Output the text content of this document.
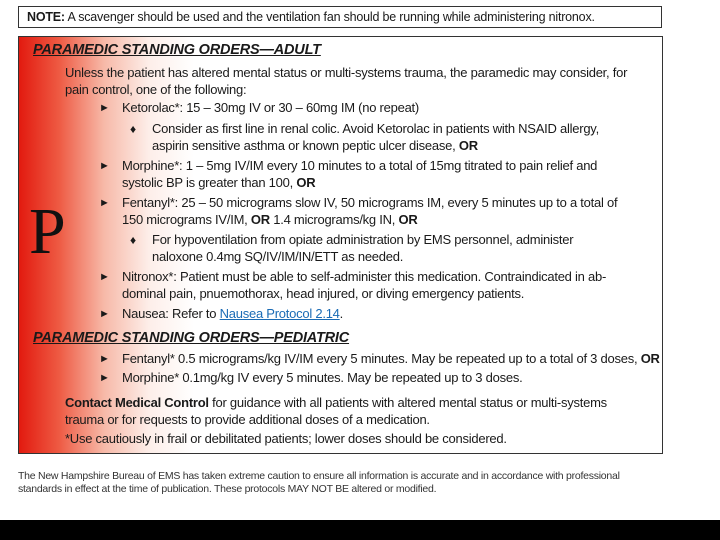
NOTE: A scavenger should be used and the ventilation fan should be running while administering nitronox.
P
PARAMEDIC STANDING ORDERS—ADULT
Unless the patient has altered mental status or multi-systems trauma, the paramedic may consider, for
pain control, one of the following:
► Ketorolac*: 15 – 30mg IV or 30 – 60mg IM (no repeat)
♦ Consider as first line in renal colic. Avoid Ketorolac in patients with NSAID allergy,
aspirin sensitive asthma or known peptic ulcer disease, OR
► Morphine*: 1 – 5mg IV/IM every 10 minutes to a total of 15mg titrated to pain relief and
systolic BP is greater than 100, OR
► Fentanyl*: 25 – 50 micrograms slow IV, 50 micrograms IM, every 5 minutes up to a total of
150 micrograms IV/IM, OR 1.4 micrograms/kg IN, OR
♦ For hypoventilation from opiate administration by EMS personnel, administer
naloxone 0.4mg SQ/IV/IM/IN/ETT as needed.
► Nitronox*: Patient must be able to self-administer this medication. Contraindicated in ab-
dominal pain, pnuemothorax, head injured, or diving emergency patients.
► Nausea: Refer to Nausea Protocol 2.14.
PARAMEDIC STANDING ORDERS—PEDIATRIC
► Fentanyl* 0.5 micrograms/kg IV/IM every 5 minutes. May be repeated up to a total of 3 doses, OR
► Morphine* 0.1mg/kg IV every 5 minutes. May be repeated up to 3 doses.
Contact Medical Control for guidance with all patients with altered mental status or multi-systems
trauma or for requests to provide additional doses of a medication.
*Use cautiously in frail or debilitated patients; lower doses should be considered.
The New Hampshire Bureau of EMS has taken extreme caution to ensure all information is accurate and in accordance with professional
standards in effect at the time of publication. These protocols MAY NOT BE altered or modified.
